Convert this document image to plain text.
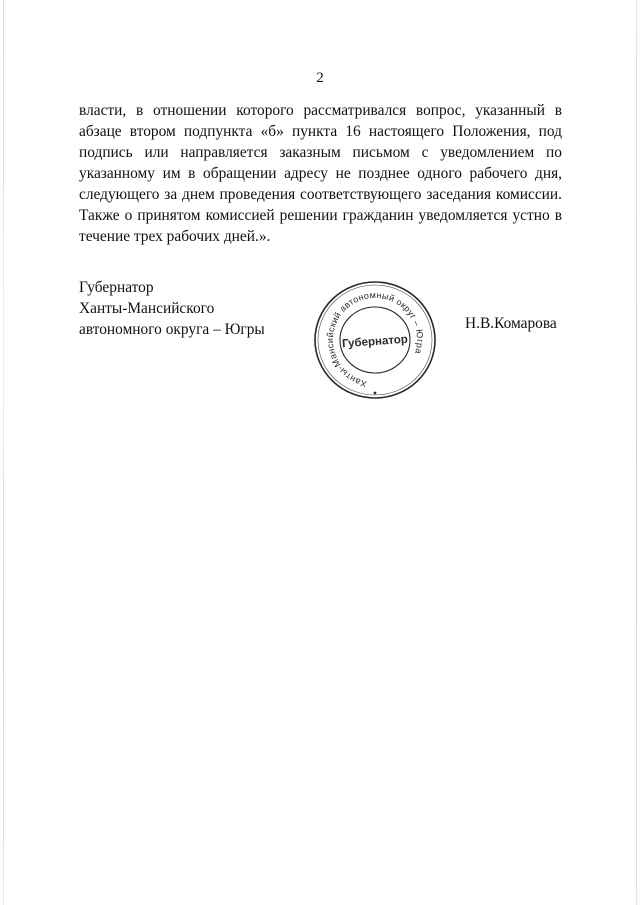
2

власти, в отношении которого рассматривался вопрос, указанный в абзаце втором подпункта «б» пункта 16 настоящего Положения, под подпись или направляется заказным письмом с уведомлением по указанному им в обращении адресу не позднее одного рабочего дня, следующего за днем проведения соответствующего заседания комиссии. Также о принятом комиссией решении гражданин уведомляется устно в течение трех рабочих дней.».

Губернатор
Ханты-Мансийского
автономного округа – Югры
Ханты-Мансийский автономный округ – Югра
Губернатор
Н.В.Комарова
